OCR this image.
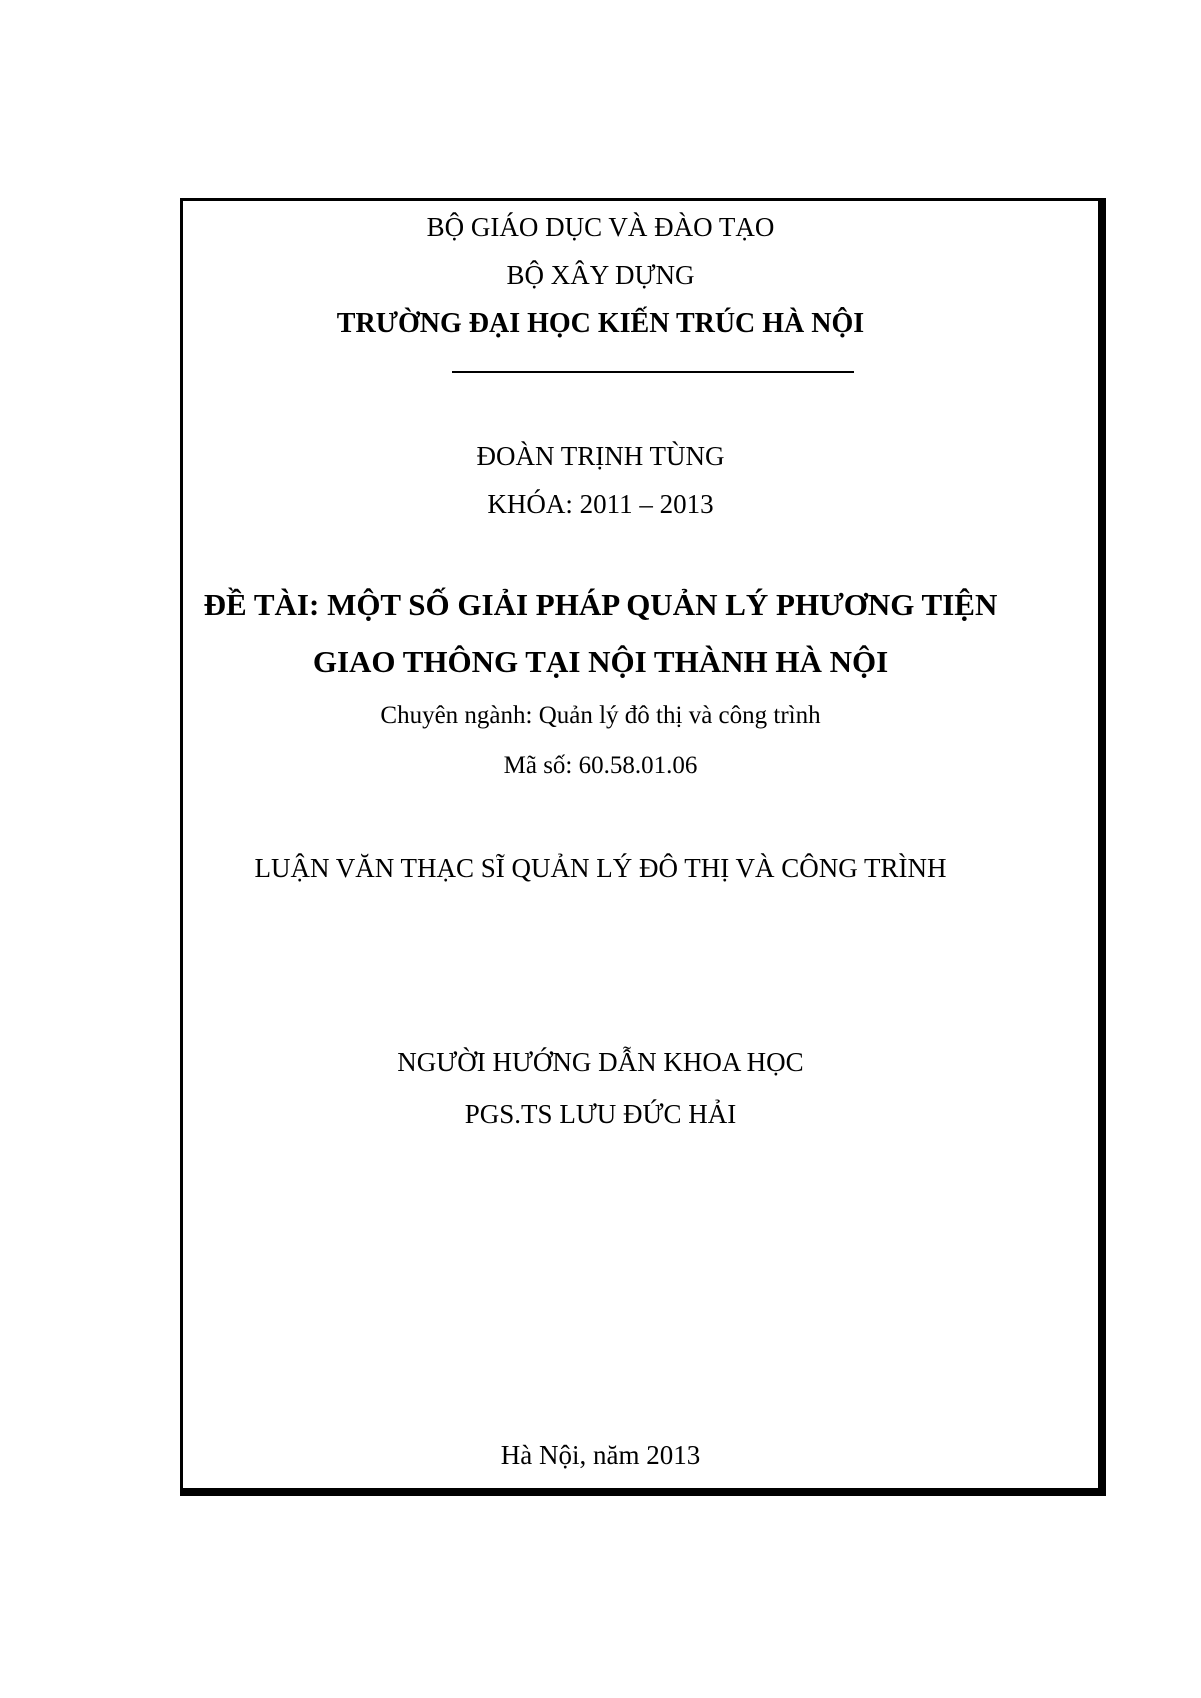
BỘ GIÁO DỤC VÀ ĐÀO TẠO
BỘ XÂY DỰNG
TRƯỜNG ĐẠI HỌC KIẾN TRÚC HÀ NỘI
ĐOÀN TRỊNH TÙNG
KHÓA: 2011 – 2013
ĐỀ TÀI: MỘT SỐ GIẢI PHÁP QUẢN LÝ PHƯƠNG TIỆN
GIAO THÔNG TẠI NỘI THÀNH HÀ NỘI
Chuyên ngành: Quản lý đô thị và công trình
Mã số: 60.58.01.06
LUẬN VĂN THẠC SĨ QUẢN LÝ ĐÔ THỊ VÀ CÔNG TRÌNH
NGƯỜI HƯỚNG DẪN KHOA HỌC
PGS.TS LƯU ĐỨC HẢI
Hà Nội, năm 2013
